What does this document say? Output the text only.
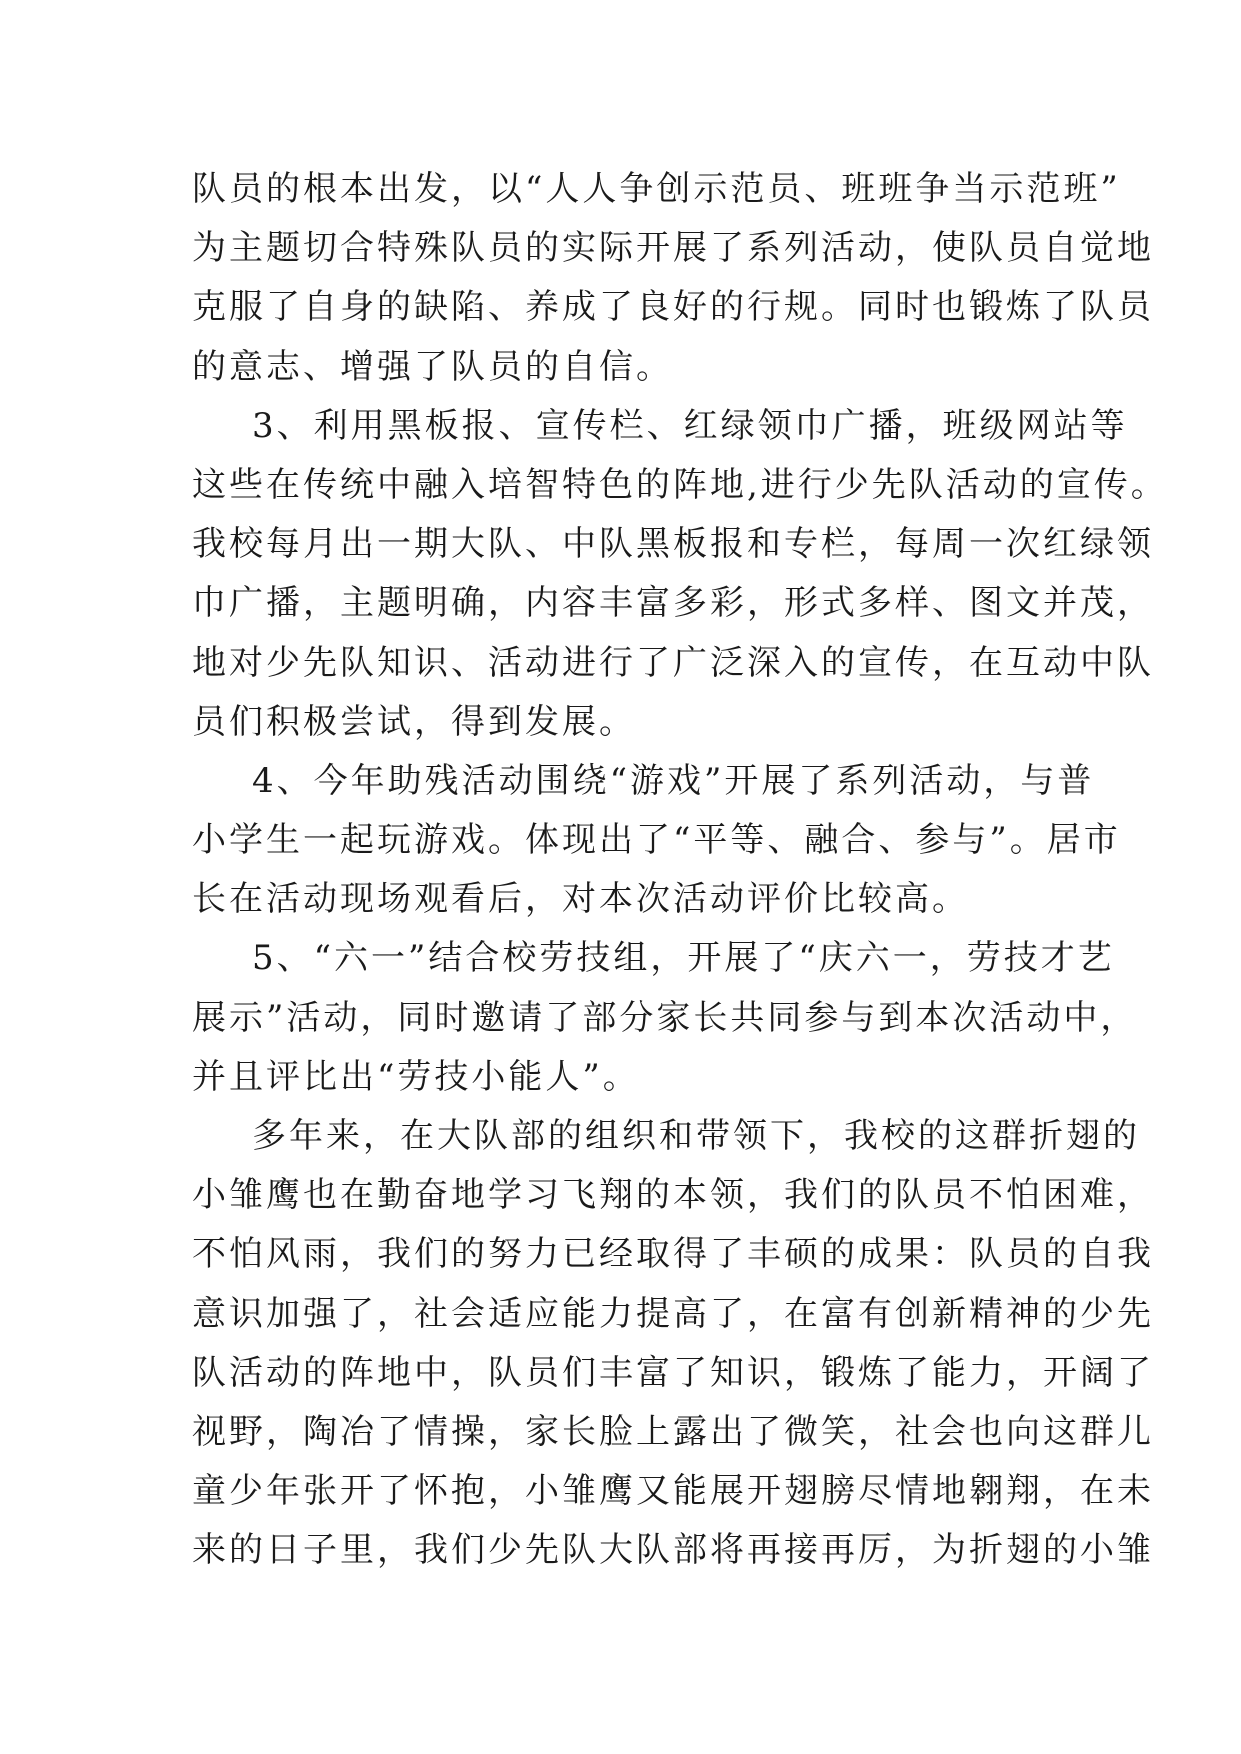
队员的根本出发，以“人人争创示范员、班班争当示范班”
为主题切合特殊队员的实际开展了系列活动，使队员自觉地
克服了自身的缺陷、养成了良好的行规。同时也锻炼了队员
的意志、增强了队员的自信。
3、利用黑板报、宣传栏、红绿领巾广播，班级网站等
这些在传统中融入培智特色的阵地,进行少先队活动的宣传。
我校每月出一期大队、中队黑板报和专栏，每周一次红绿领
巾广播，主题明确，内容丰富多彩，形式多样、图文并茂，
地对少先队知识、活动进行了广泛深入的宣传，在互动中队
员们积极尝试，得到发展。
4、今年助残活动围绕“游戏”开展了系列活动，与普
小学生一起玩游戏。体现出了“平等、融合、参与”。居市
长在活动现场观看后，对本次活动评价比较高。
5、“六一”结合校劳技组，开展了“庆六一，劳技才艺
展示”活动，同时邀请了部分家长共同参与到本次活动中，
并且评比出“劳技小能人”。
多年来，在大队部的组织和带领下，我校的这群折翅的
小雏鹰也在勤奋地学习飞翔的本领，我们的队员不怕困难，
不怕风雨，我们的努力已经取得了丰硕的成果：队员的自我
意识加强了，社会适应能力提高了，在富有创新精神的少先
队活动的阵地中，队员们丰富了知识，锻炼了能力，开阔了
视野，陶冶了情操，家长脸上露出了微笑，社会也向这群儿
童少年张开了怀抱，小雏鹰又能展开翅膀尽情地翱翔，在未
来的日子里，我们少先队大队部将再接再厉，为折翅的小雏
